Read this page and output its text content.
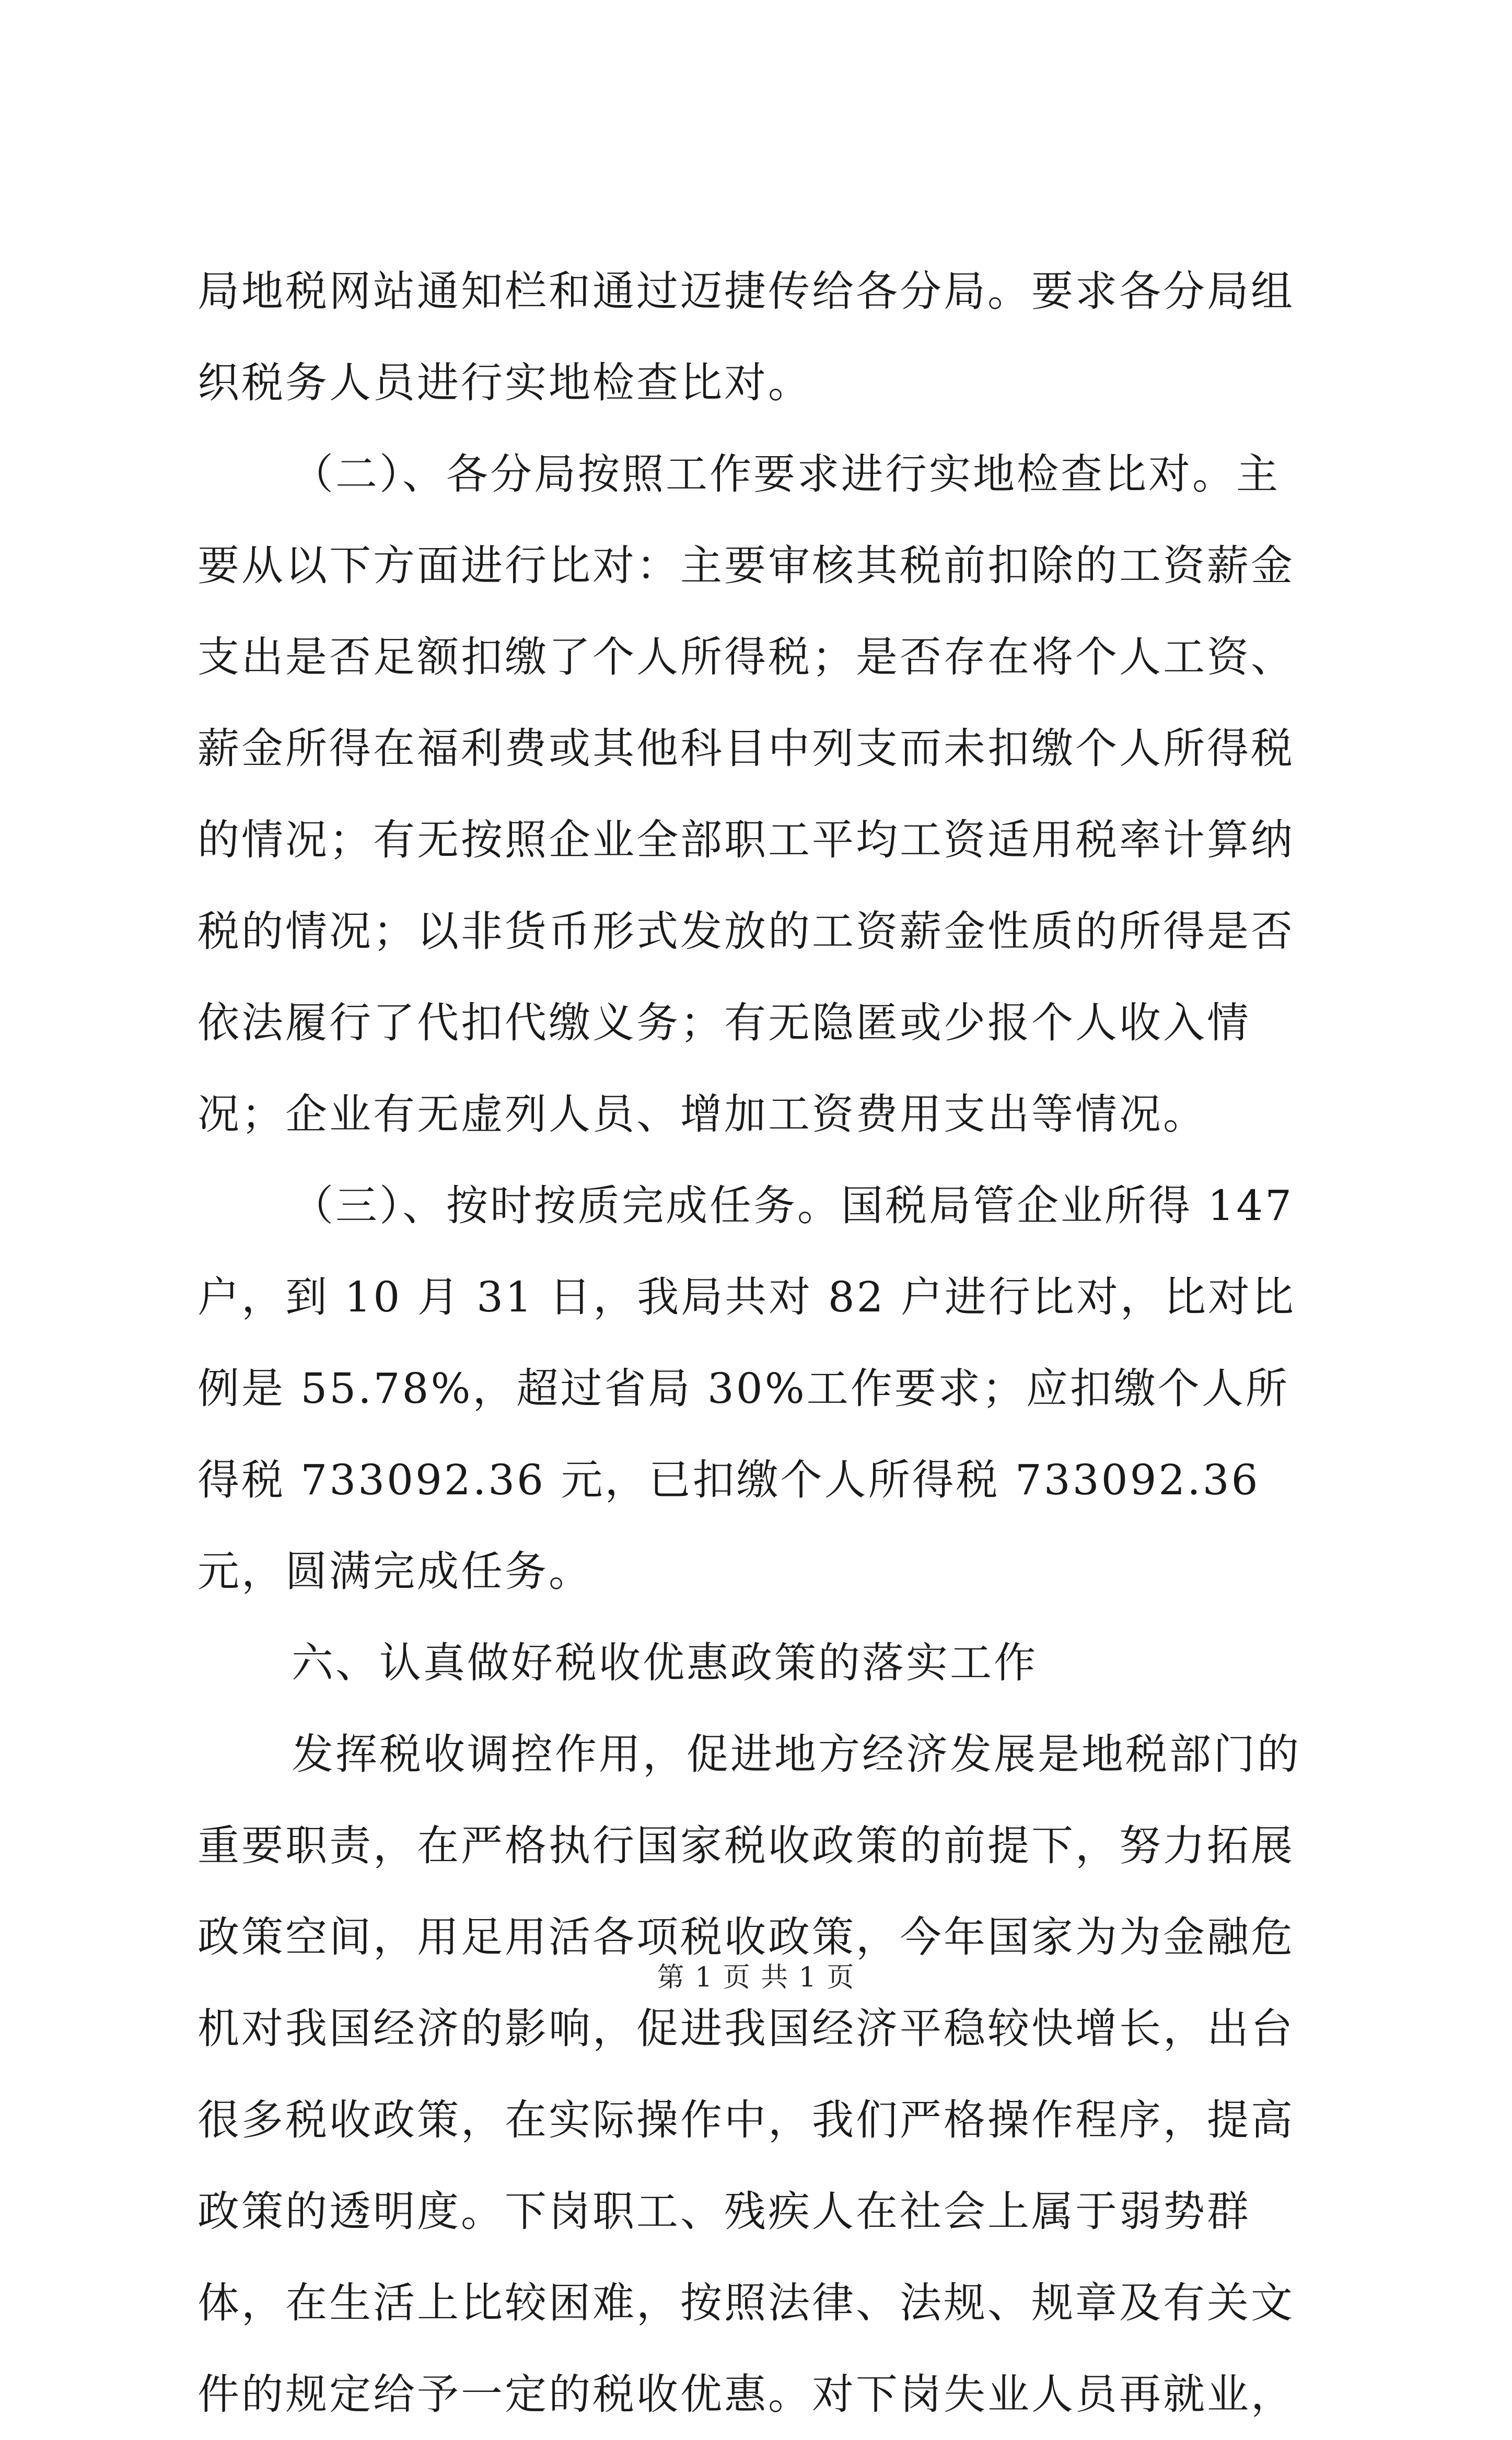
局地税网站通知栏和通过迈捷传给各分局。要求各分局组织税务人员进行实地检查比对。

（二）、各分局按照工作要求进行实地检查比对。主要从以下方面进行比对：主要审核其税前扣除的工资薪金支出是否足额扣缴了个人所得税；是否存在将个人工资、薪金所得在福利费或其他科目中列支而未扣缴个人所得税的情况；有无按照企业全部职工平均工资适用税率计算纳税的情况；以非货币形式发放的工资薪金性质的所得是否依法履行了代扣代缴义务；有无隐匿或少报个人收入情况；企业有无虚列人员、增加工资费用支出等情况。

（三）、按时按质完成任务。国税局管企业所得 147 户，到 10 月 31 日，我局共对 82 户进行比对，比对比例是 55.78%，超过省局 30%工作要求；应扣缴个人所得税 733092.36 元，已扣缴个人所得税 733092.36 元，圆满完成任务。

六、认真做好税收优惠政策的落实工作

发挥税收调控作用，促进地方经济发展是地税部门的重要职责，在严格执行国家税收政策的前提下，努力拓展政策空间，用足用活各项税收政策，今年国家为为金融危机对我国经济的影响，促进我国经济平稳较快增长，出台很多税收政策，在实际操作中，我们严格操作程序，提高政策的透明度。下岗职工、残疾人在社会上属于弱势群体，在生活上比较困难，按照法律、法规、规章及有关文件的规定给予一定的税收优惠。对下岗失业人员再就业，

第 1 页 共 1 页
